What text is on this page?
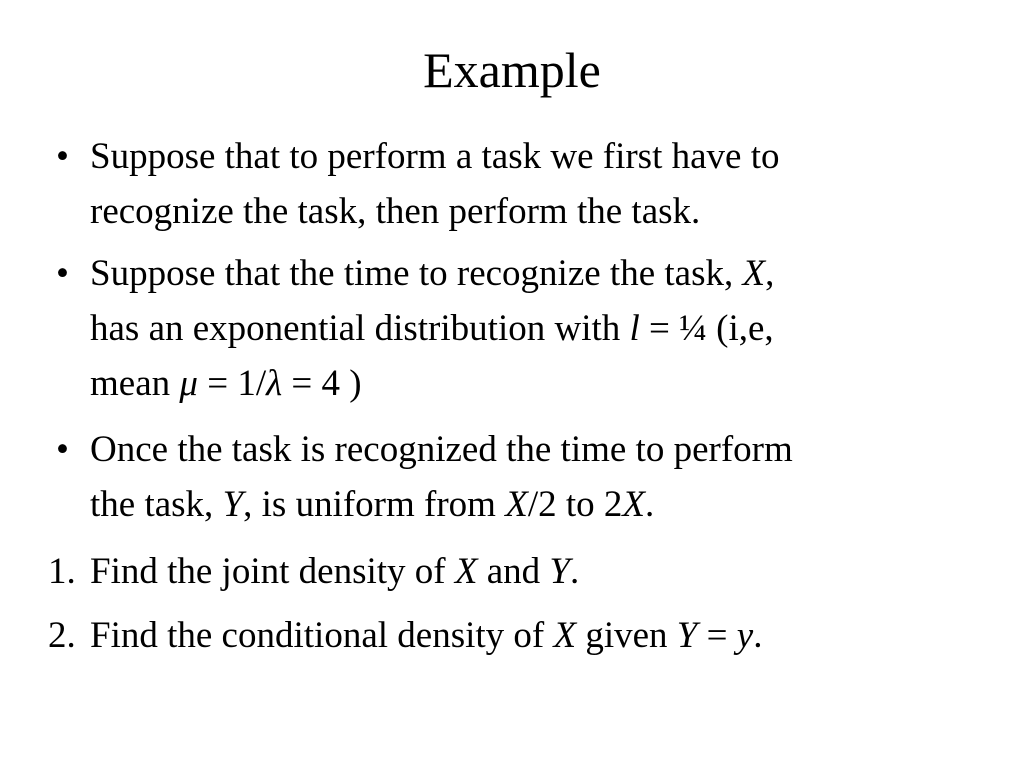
Example
• Suppose that to perform a task we first have to
recognize the task, then perform the task.
• Suppose that the time to recognize the task, X,
has an exponential distribution with l = ¼ (i,e,
mean μ = 1/λ = 4 )
• Once the task is recognized the time to perform
the task, Y, is uniform from X/2 to 2X.
1. Find the joint density of X and Y.
2. Find the conditional density of X given Y = y.
